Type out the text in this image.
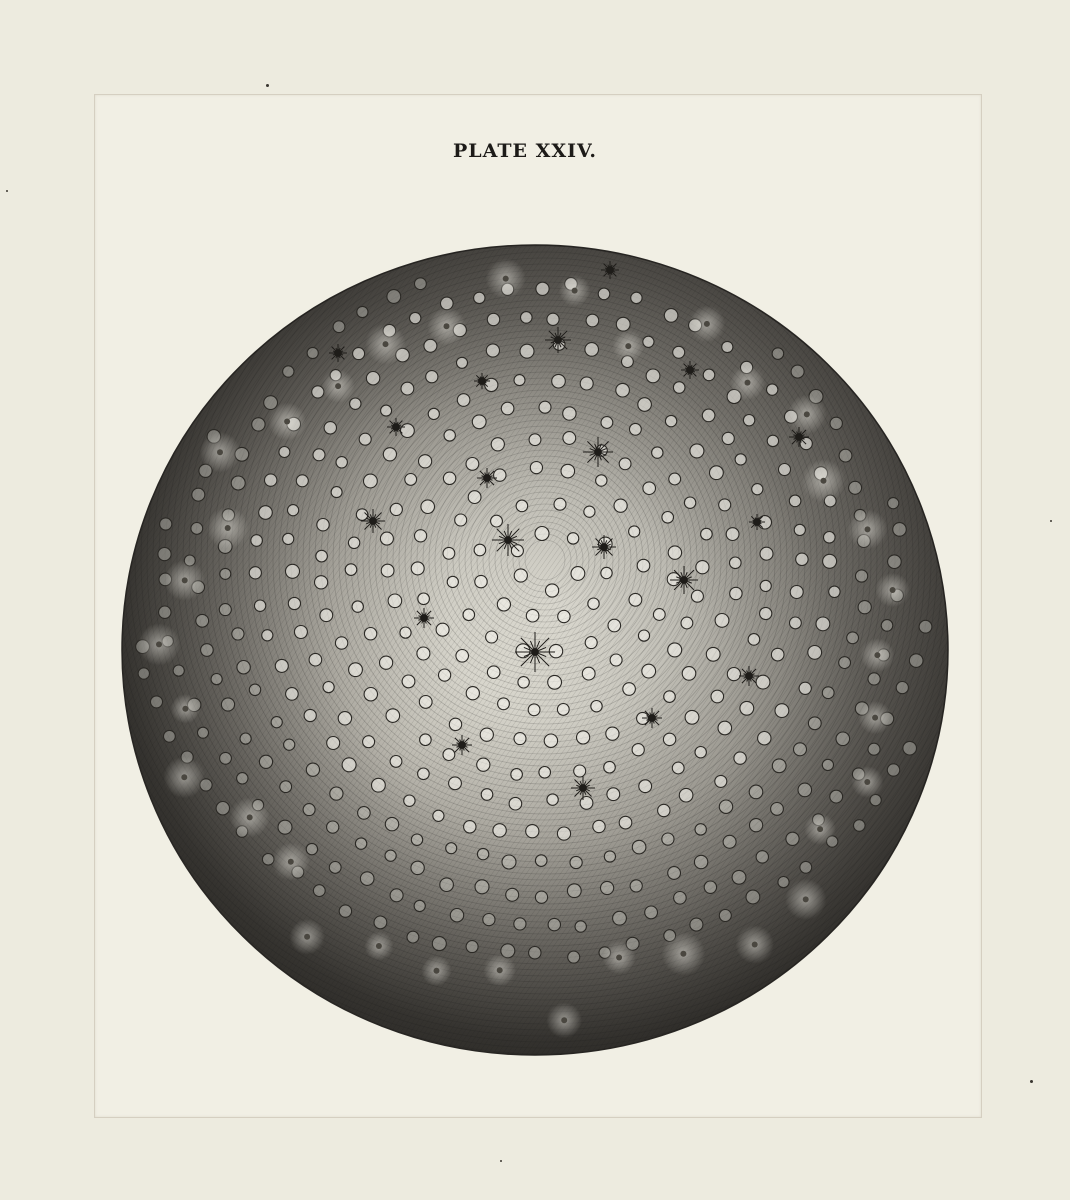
PLATE XXIV.
